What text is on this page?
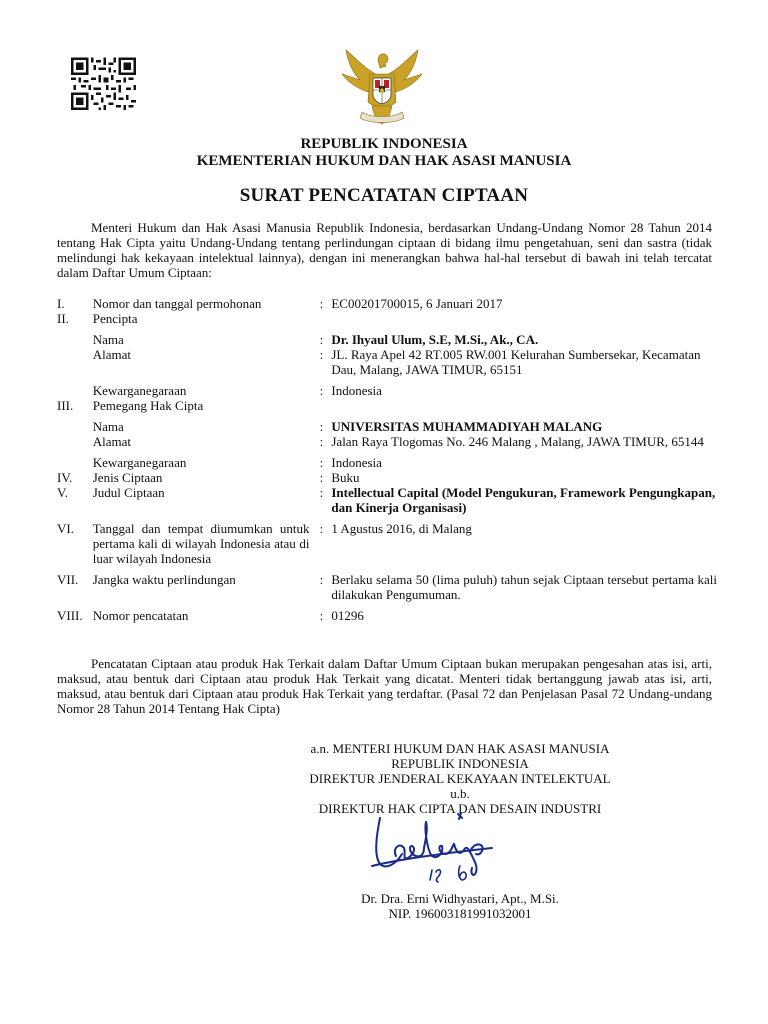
REPUBLIK INDONESIA
KEMENTERIAN HUKUM DAN HAK ASASI MANUSIA
SURAT PENCATATAN CIPTAAN
Menteri Hukum dan Hak Asasi Manusia Republik Indonesia, berdasarkan Undang-Undang Nomor 28 Tahun 2014 tentang Hak Cipta yaitu Undang-Undang tentang perlindungan ciptaan di bidang ilmu pengetahuan, seni dan sastra (tidak melindungi hak kekayaan intelektual lainnya), dengan ini menerangkan bahwa hal-hal tersebut di bawah ini telah tercatat dalam Daftar Umum Ciptaan:
I.	Nomor dan tanggal permohonan	:	EC00201700015, 6 Januari 2017
II.	Pencipta		
	Nama	:	Dr. Ihyaul Ulum, S.E, M.Si., Ak., CA.
	Alamat	:	JL. Raya Apel 42 RT.005 RW.001 Kelurahan Sumbersekar, Kecamatan Dau, Malang, JAWA TIMUR, 65151
	Kewarganegaraan	:	Indonesia
III.	Pemegang Hak Cipta		
	Nama	:	UNIVERSITAS MUHAMMADIYAH MALANG
	Alamat	:	Jalan Raya Tlogomas No. 246 Malang , Malang, JAWA TIMUR, 65144
	Kewarganegaraan	:	Indonesia
IV.	Jenis Ciptaan	:	Buku
V.	Judul Ciptaan	:	Intellectual Capital (Model Pengukuran, Framework Pengungkapan, dan Kinerja Organisasi)
VI.	Tanggal dan tempat diumumkan untuk pertama kali di wilayah Indonesia atau di luar wilayah Indonesia	:	1 Agustus 2016, di Malang
VII.	Jangka waktu perlindungan	:	Berlaku selama 50 (lima puluh) tahun sejak Ciptaan tersebut pertama kali dilakukan Pengumuman.
VIII.	Nomor pencatatan	:	01296
Pencatatan Ciptaan atau produk Hak Terkait dalam Daftar Umum Ciptaan bukan merupakan pengesahan atas isi, arti, maksud, atau bentuk dari Ciptaan atau produk Hak Terkait yang dicatat. Menteri tidak bertanggung jawab atas isi, arti, maksud, atau bentuk dari Ciptaan atau produk Hak Terkait yang terdaftar. (Pasal 72 dan Penjelasan Pasal 72 Undang-undang Nomor 28 Tahun 2014 Tentang Hak Cipta)
a.n. MENTERI HUKUM DAN HAK ASASI MANUSIA
REPUBLIK INDONESIA
DIREKTUR JENDERAL KEKAYAAN INTELEKTUAL
u.b.
DIREKTUR HAK CIPTA DAN DESAIN INDUSTRI
Dr. Dra. Erni Widhyastari, Apt., M.Si.
NIP. 196003181991032001
